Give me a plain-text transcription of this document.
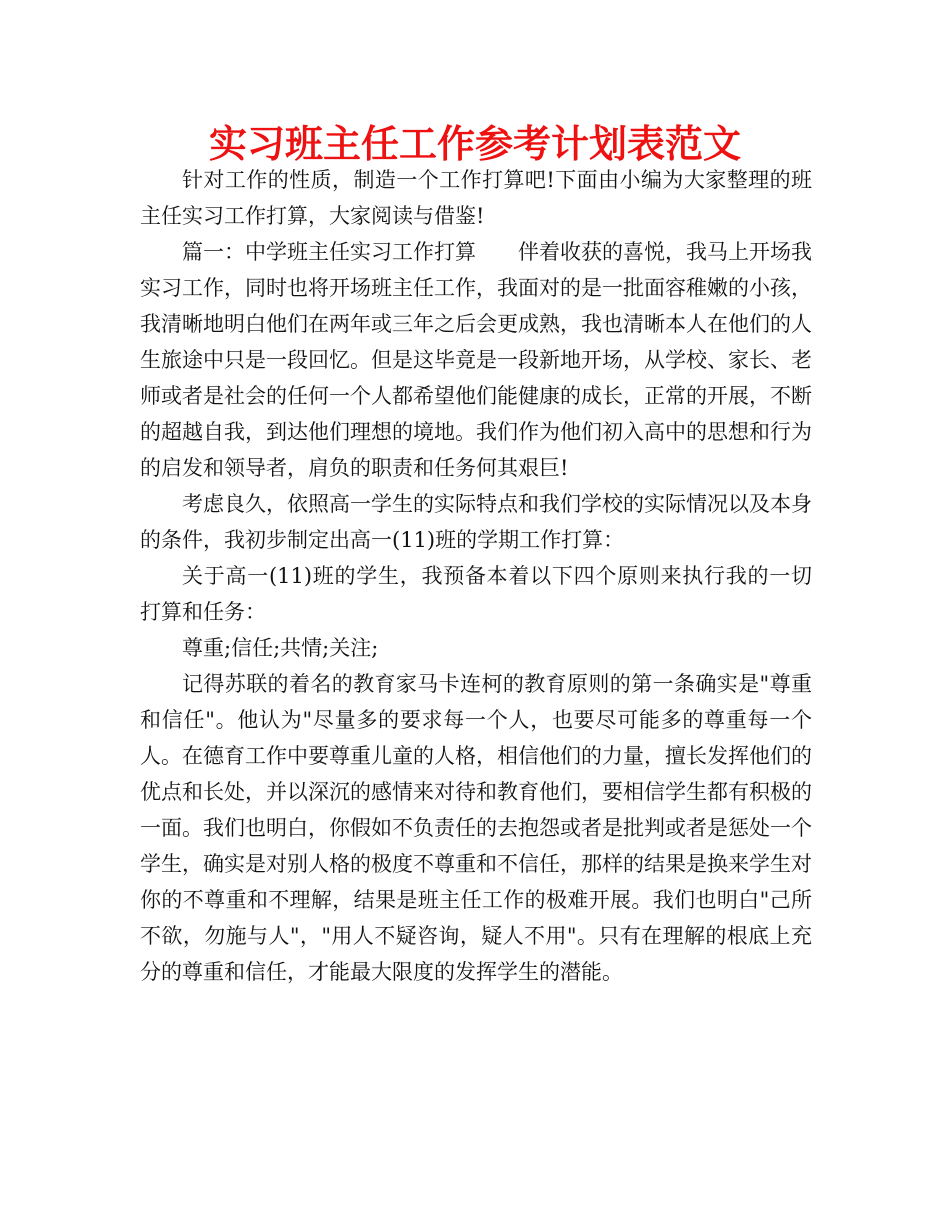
实习班主任工作参考计划表范文

针对工作的性质，制造一个工作打算吧!下面由小编为大家整理的班主任实习工作打算，大家阅读与借鉴!

篇一：中学班主任实习工作打算　　伴着收获的喜悦，我马上开场我实习工作，同时也将开场班主任工作，我面对的是一批面容稚嫩的小孩，我清晰地明白他们在两年或三年之后会更成熟，我也清晰本人在他们的人生旅途中只是一段回忆。但是这毕竟是一段新地开场，从学校、家长、老师或者是社会的任何一个人都希望他们能健康的成长，正常的开展，不断的超越自我，到达他们理想的境地。我们作为他们初入高中的思想和行为的启发和领导者，肩负的职责和任务何其艰巨!

考虑良久，依照高一学生的实际特点和我们学校的实际情况以及本身的条件，我初步制定出高一(11)班的学期工作打算：

关于高一(11)班的学生，我预备本着以下四个原则来执行我的一切打算和任务：

尊重;信任;共情;关注;

记得苏联的着名的教育家马卡连柯的教育原则的第一条确实是"尊重和信任"。他认为"尽量多的要求每一个人，也要尽可能多的尊重每一个人。在德育工作中要尊重儿童的人格，相信他们的力量，擅长发挥他们的优点和长处，并以深沉的感情来对待和教育他们，要相信学生都有积极的一面。我们也明白，你假如不负责任的去抱怨或者是批判或者是惩处一个学生，确实是对别人格的极度不尊重和不信任，那样的结果是换来学生对你的不尊重和不理解，结果是班主任工作的极难开展。我们也明白"己所不欲，勿施与人"，"用人不疑咨询，疑人不用"。只有在理解的根底上充分的尊重和信任，才能最大限度的发挥学生的潜能。
